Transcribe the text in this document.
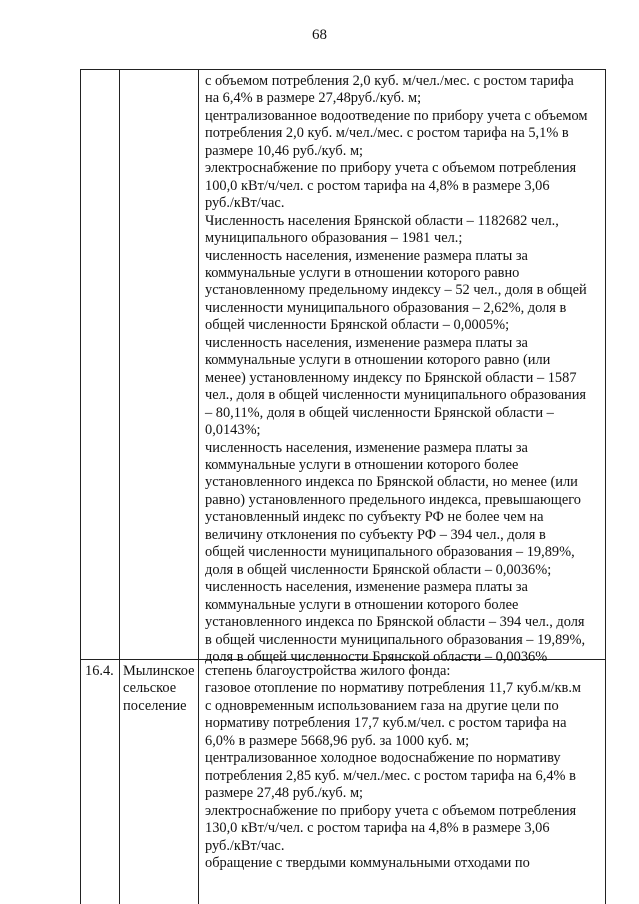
68
с объемом потребления 2,0 куб. м/чел./мес. с ростом тарифа
на 6,4% в размере 27,48руб./куб. м;
централизованное водоотведение по прибору учета с объемом
потребления 2,0 куб. м/чел./мес. с ростом тарифа на 5,1% в
размере 10,46 руб./куб. м;
электроснабжение по прибору учета с объемом потребления
100,0 кВт/ч/чел. с ростом тарифа на 4,8% в размере 3,06
руб./кВт/час.
Численность населения Брянской области – 1182682 чел.,
муниципального образования – 1981 чел.;
численность населения, изменение размера платы за
коммунальные услуги в отношении которого равно
установленному предельному индексу – 52 чел., доля в общей
численности муниципального образования – 2,62%, доля в
общей численности Брянской области – 0,0005%;
численность населения, изменение размера платы за
коммунальные услуги в отношении которого равно (или
менее) установленному индексу по Брянской области – 1587
чел., доля в общей численности муниципального образования
– 80,11%, доля в общей численности Брянской области –
0,0143%;
численность населения, изменение размера платы за
коммунальные услуги в отношении которого более
установленного индекса по Брянской области, но менее (или
равно) установленного предельного индекса, превышающего
установленный индекс по субъекту РФ не более чем на
величину отклонения по субъекту РФ – 394 чел., доля в
общей численности муниципального образования – 19,89%,
доля в общей численности Брянской области – 0,0036%;
численность населения, изменение размера платы за
коммунальные услуги в отношении которого более
установленного индекса по Брянской области – 394 чел., доля
в общей численности муниципального образования – 19,89%,
доля в общей численности Брянской области – 0,0036%
16.4. Мылинское
сельское
поселение
степень благоустройства жилого фонда:
газовое отопление по нормативу потребления 11,7 куб.м/кв.м
с одновременным использованием газа на другие цели по
нормативу потребления 17,7 куб.м/чел. с ростом тарифа на
6,0% в размере 5668,96 руб. за 1000 куб. м;
централизованное холодное водоснабжение по нормативу
потребления 2,85 куб. м/чел./мес. с ростом тарифа на 6,4% в
размере 27,48 руб./куб. м;
электроснабжение по прибору учета с объемом потребления
130,0 кВт/ч/чел. с ростом тарифа на 4,8% в размере 3,06
руб./кВт/час.
обращение с твердыми коммунальными отходами по
